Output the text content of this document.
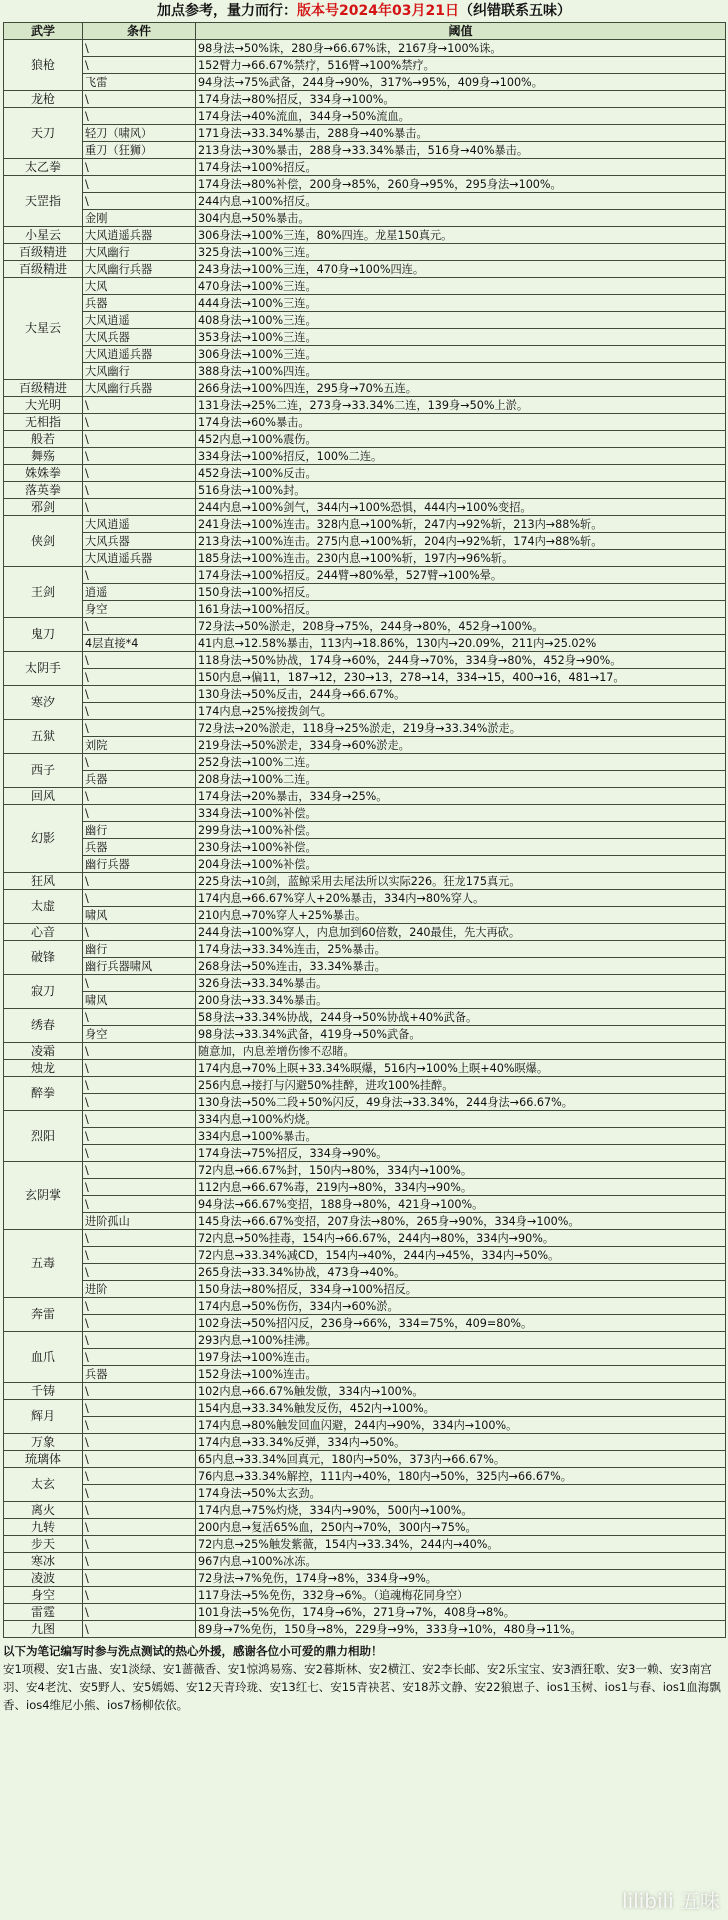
加点参考，量力而行：版本号2024年03月21日（纠错联系五味）
武学	条件	阈值
狼枪	\	98身法→50%诛，280身→66.67%诛，2167身→100%诛。
	\	152臂力→66.67%禁疗，516臂→100%禁疗。
	飞雷	94身法→75%武备，244身→90%，317%→95%，409身→100%。
龙枪	\	174身法→80%招反，334身→100%。
天刀	\	174身法→40%流血，344身→50%流血。
	轻刀（啸风）	171身法→33.34%暴击，288身→40%暴击。
	重刀（狂狮）	213身法→30%暴击，288身→33.34%暴击，516身→40%暴击。
太乙拳	\	174身法→100%招反。
天罡指	\	174身法→80%补偿，200身→85%，260身→95%，295身法→100%。
	\	244内息→100%招反。
	金刚	304内息→50%暴击。
小星云	大风逍遥兵器	306身法→100%三连，80%四连。龙星150真元。
百级精进	大风幽行	325身法→100%三连。
百级精进	大风幽行兵器	243身法→100%三连，470身→100%四连。
大星云	大风	470身法→100%三连。
	兵器	444身法→100%三连。
	大风逍遥	408身法→100%三连。
	大风兵器	353身法→100%三连。
	大风逍遥兵器	306身法→100%三连。
	大风幽行	388身法→100%四连。
百级精进	大风幽行兵器	266身法→100%四连，295身→70%五连。
大光明	\	131身法→25%二连，273身→33.34%二连，139身→50%上淤。
无相指	\	174身法→60%暴击。
般若	\	452内息→100%震伤。
舞殇	\	334身法→100%招反，100%二连。
姝姝拳	\	452身法→100%反击。
落英拳	\	516身法→100%封。
邪剑	\	244内息→100%剑气，344内→100%恐惧，444内→100%变招。
侠剑	大风逍遥	241身法→100%连击。328内息→100%斩，247内→92%斩，213内→88%斩。
	大风兵器	213身法→100%连击。275内息→100%斩，204内→92%斩，174内→88%斩。
	大风逍遥兵器	185身法→100%连击。230内息→100%斩，197内→96%斩。
王剑	\	174身法→100%招反。244臂→80%晕，527臂→100%晕。
	逍遥	150身法→100%招反。
	身空	161身法→100%招反。
鬼刀	\	72身法→50%淤走，208身→75%，244身→80%，452身→100%。
	4层直接*4	41内息→12.58%暴击，113内→18.86%，130内→20.09%，211内→25.02%
太阴手	\	118身法→50%协战，174身→60%，244身→70%，334身→80%，452身→90%。
	\	150内息→偏11，187→12，230→13，278→14，334→15，400→16，481→17。
寒汐	\	130身法→50%反击，244身→66.67%。
	\	174内息→25%接拨剑气。
五狱	\	72身法→20%淤走，118身→25%淤走，219身→33.34%淤走。
	刘院	219身法→50%淤走，334身→60%淤走。
西子	\	252身法→100%二连。
	兵器	208身法→100%二连。
回风	\	174身法→20%暴击，334身→25%。
幻影	\	334身法→100%补偿。
	幽行	299身法→100%补偿。
	兵器	230身法→100%补偿。
	幽行兵器	204身法→100%补偿。
狂风	\	225身法→10剑，蓝鲸采用去尾法所以实际226。狂龙175真元。
太虚	\	174内息→66.67%穿人+20%暴击，334内→80%穿人。
	啸风	210内息→70%穿人+25%暴击。
心音	\	244身法→100%穿人，内息加到60倍数，240最佳，先大再砍。
破锋	幽行	174身法→33.34%连击，25%暴击。
	幽行兵器啸风	268身法→50%连击，33.34%暴击。
寂刀	\	326身法→33.34%暴击。
	啸风	200身法→33.34%暴击。
绣春	\	58身法→33.34%协战，244身→50%协战+40%武备。
	身空	98身法→33.34%武备，419身→50%武备。
凌霜	\	随意加，内息差增伤惨不忍睹。
烛龙	\	174内息→70%上暝+33.34%暝爆，516内→100%上暝+40%暝爆。
醉拳	\	256内息→接打与闪避50%挂醉，进攻100%挂醉。
	\	130身法→50%二段+50%闪反，49身法→33.34%，244身法→66.67%。
烈阳	\	334内息→100%灼烧。
	\	334内息→100%暴击。
	\	174身法→75%招反，334身→90%。
玄阴掌	\	72内息→66.67%封，150内→80%，334内→100%。
	\	112内息→66.67%毒，219内→80%，334内→90%。
	\	94身法→66.67%变招，188身→80%，421身→100%。
	进阶孤山	145身法→66.67%变招，207身法→80%，265身→90%，334身→100%。
五毒	\	72内息→50%挂毒，154内→66.67%，244内→80%，334内→90%。
	\	72内息→33.34%减CD，154内→40%，244内→45%，334内→50%。
	\	265身法→33.34%协战，473身→40%。
	进阶	150身法→80%招反，334身→100%招反。
奔雷	\	174内息→50%伤伤，334内→60%淤。
	\	102身法→50%招闪反，236身→66%，334=75%，409=80%。
血爪	\	293内息→100%挂沸。
	\	197身法→100%连击。
	兵器	152身法→100%连击。
千铸	\	102内息→66.67%触发傲，334内→100%。
辉月	\	154内息→33.34%触发反伤，452内→100%。
	\	174内息→80%触发回血闪避，244内→90%，334内→100%。
万象	\	174内息→33.34%反弹，334内→50%。
琉璃体	\	65内息→33.34%回真元，180内→50%，373内→66.67%。
太玄	\	76内息→33.34%解控，111内→40%，180内→50%，325内→66.67%。
	\	174身法→50%太玄劲。
离火	\	174内息→75%灼烧，334内→90%，500内→100%。
九转	\	200内息→复活65%血，250内→70%，300内→75%。
步天	\	72内息→25%触发紫薇，154内→33.34%，244内→40%。
寒冰	\	967内息→100%冰冻。
凌波	\	72身法→7%免伤，174身→8%，334身→9%。
身空	\	117身法→5%免伤，332身→6%。（追魂梅花同身空）
雷霆	\	101身法→5%免伤，174身→6%，271身→7%，408身→8%。
九图	\	89身→7%免伤，150身→8%，229身→9%，333身→10%，480身→11%。
以下为笔记编写时参与洗点测试的热心外援，感谢各位小可爱的鼎力相助！
安1项稷、安1古蛊、安1淡绿、安1蔷薇香、安1惊鸿易殇、安2暮斯林、安2横江、安2李长邮、安2乐宝宝、安3酒狂歌、安3一赖、安3南宫羽、安4老沈、安5野人、安5嫣嫣、安12天青玲珑、安13红七、安15青袂茗、安18苏文静、安22狼崽子、ios1玉树、ios1与春、ios1血海飘香、ios4维尼小熊、ios7杨柳依依。
lilibili 五味
